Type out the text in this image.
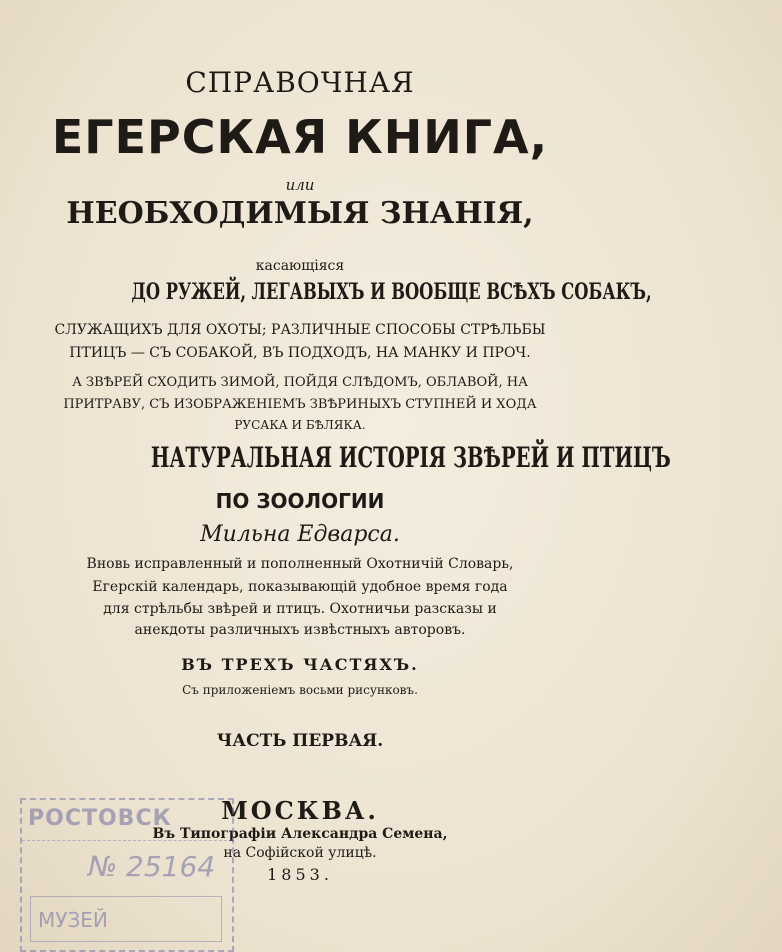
СПРАВОЧНАЯ
ЕГЕРСКАЯ КНИГА,
или
НЕОБХОДИМЫЯ ЗНАНІЯ,
касающіяся
ДО РУЖЕЙ, ЛЕГАВЫХЪ И ВООБЩЕ ВСѢХЪ СОБАКЪ,
СЛУЖАЩИХЪ ДЛЯ ОХОТЫ; РАЗЛИЧНЫЕ СПОСОБЫ СТРѢЛЬБЫ
ПТИЦЪ — СЪ СОБАКОЙ, ВЪ ПОДХОДЪ, НА МАНКУ И ПРОЧ.
А ЗВѢРЕЙ СХОДИТЬ ЗИМОЙ, ПОЙДЯ СЛѢДОМЪ, ОБЛАВОЙ, НА
ПРИТРАВУ, СЪ ИЗОБРАЖЕНІЕМЪ ЗВѢРИНЫХЪ СТУПНЕЙ И ХОДА
РУСАКА И БѢЛЯКА.
НАТУРАЛЬНАЯ ИСТОРІЯ ЗВѢРЕЙ И ПТИЦЪ
ПО ЗООЛОГИИ
Мильна Едварса.
Вновь исправленный и пополненный Охотничій Словарь,
Егерскій календарь, показывающій удобное время года
для стрѣльбы звѣрей и птицъ. Охотничьи разсказы и
анекдоты различныхъ извѣстныхъ авторовъ.
ВЪ ТРЕХЪ ЧАСТЯХЪ.
Съ приложеніемъ восьми рисунковъ.
ЧАСТЬ ПЕРВАЯ.
МОСКВА.
Въ Типографіи Александра Семена,
на Софійской улицѣ.
1853.
РОСТОВСК
№ 25164
МУЗЕЙ
